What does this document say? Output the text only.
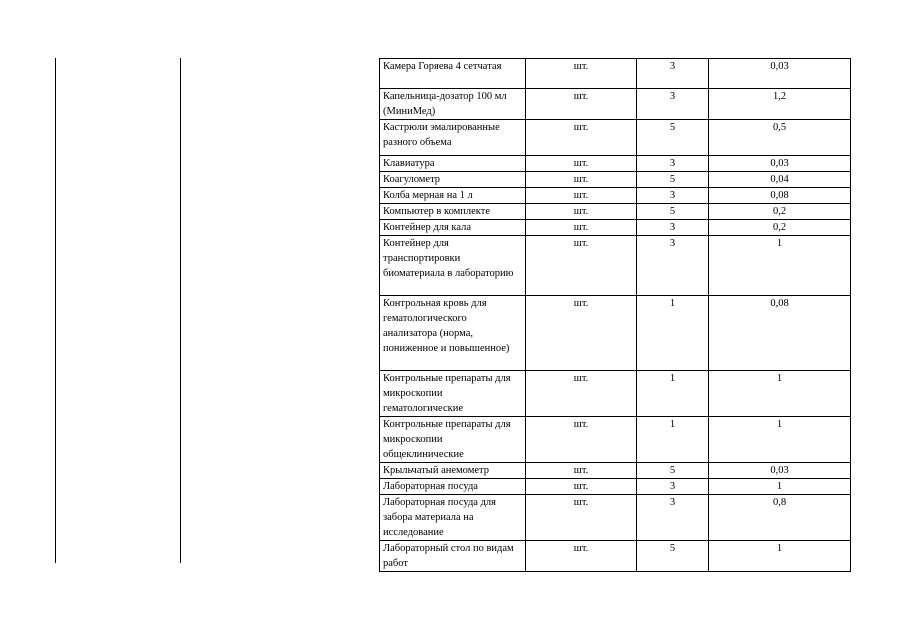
Камера Горяева 4 сетчатая	шт.	3	0,03
Капельница-дозатор 100 мл (МиниМед)	шт.	3	1,2
Кастрюли эмалированные разного объема	шт.	5	0,5
Клавиатура	шт.	3	0,03
Коагулометр	шт.	5	0,04
Колба мерная на 1 л	шт.	3	0,08
Компьютер в комплекте	шт.	5	0,2
Контейнер для кала	шт.	3	0,2
Контейнер для транспортировки биоматериала в лабораторию	шт.	3	1
Контрольная кровь для гематологического анализатора (норма, пониженное и повышенное)	шт.	1	0,08
Контрольные препараты для микроскопии гематологические	шт.	1	1
Контрольные препараты для микроскопии общеклинические	шт.	1	1
Крыльчатый анемометр	шт.	5	0,03
Лабораторная посуда	шт.	3	1
Лабораторная посуда для забора материала на исследование	шт.	3	0,8
Лабораторный стол по видам работ	шт.	5	1
